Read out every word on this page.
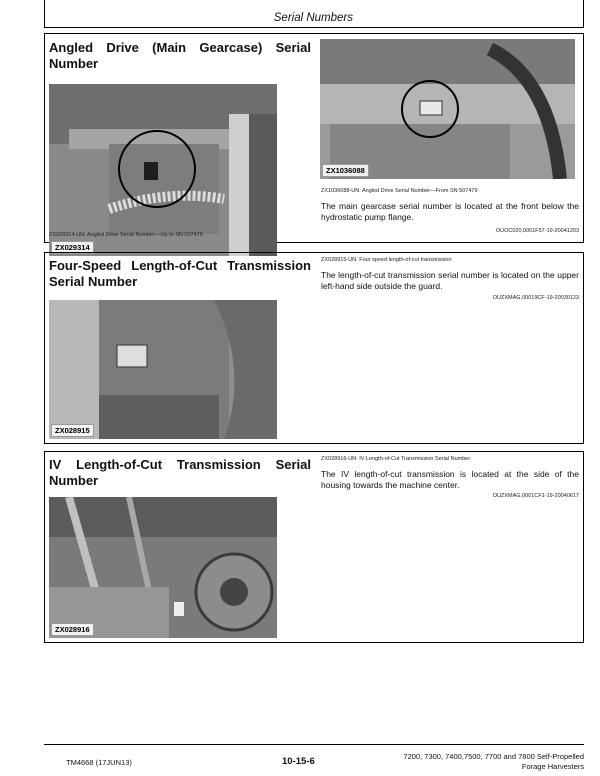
Serial Numbers
Angled Drive (Main Gearcase) Serial Number
ZX029314
ZX029314-UN: Angled Drive Serial Number—Up to SN 507478
ZX1036088
ZX1036088-UN: Angled Drive Serial Number—From SN 507479
The main gearcase serial number is located at the front below the hydrostatic pump flange.
OUOC020,0001F57-19-20041203
Four-Speed Length-of-Cut Transmission Serial Number
ZX028915
ZX028915-UN: Four speed length-of-cut transmission
The length-of-cut transmission serial number is located on the upper left-hand side outside the guard.
OUZXMAG,00019CF-19-20030123
IV Length-of-Cut Transmission Serial Number
ZX028916
ZX028916-UN: IV Length-of-Cut Transmission Serial Number
The IV length-of-cut transmission is located at the side of the housing towards the machine center.
OUZXMAG,0001CF1-19-20040617
TM4668 (17JUN13)	10-15-6	7200, 7300, 7400,7500, 7700 and 7800 Self-Propelled
Forage Harvesters
